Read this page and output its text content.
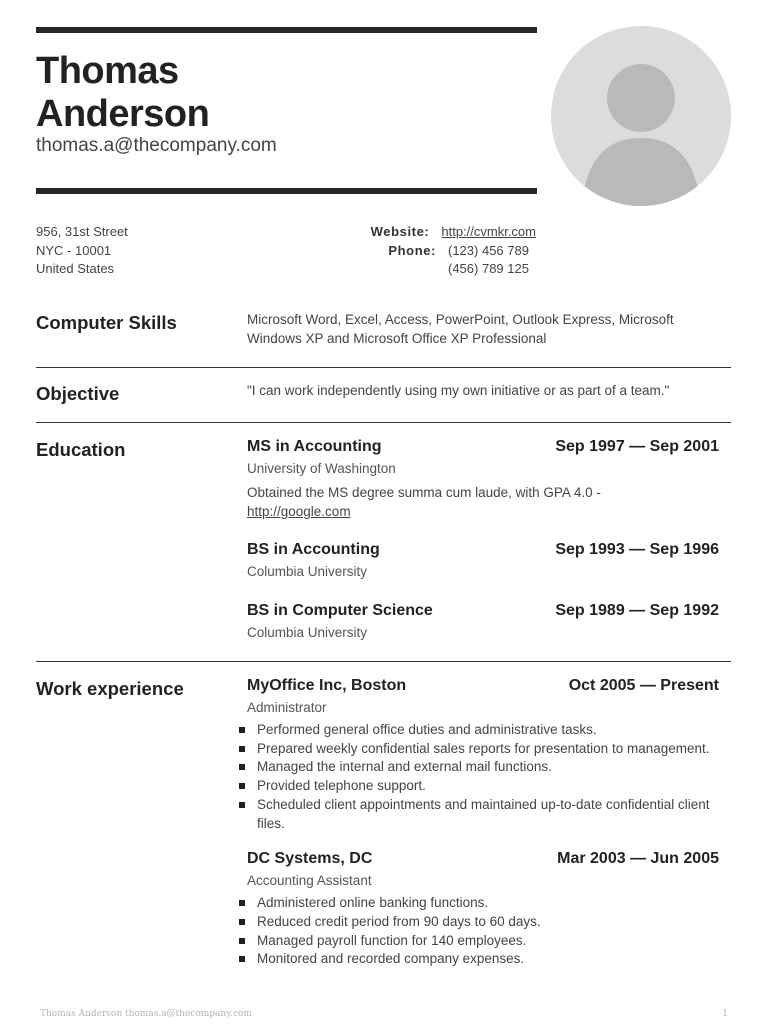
Thomas
Anderson
thomas.a@thecompany.com
956, 31st Street
NYC - 10001
United States
Website: http://cvmkr.com
Phone: (123) 456 789
(456) 789 125
Computer Skills	Microsoft Word, Excel, Access, PowerPoint, Outlook Express, Microsoft Windows XP and Microsoft Office XP Professional
Objective	"I can work independently using my own initiative or as part of a team."
Education	MS in Accounting	Sep 1997 — Sep 2001
University of Washington
Obtained the MS degree summa cum laude, with GPA 4.0 -
http://google.com
BS in Accounting	Sep 1993 — Sep 1996
Columbia University
BS in Computer Science	Sep 1989 — Sep 1992
Columbia University
Work experience	MyOffice Inc, Boston	Oct 2005 — Present
Administrator
Performed general office duties and administrative tasks.
Prepared weekly confidential sales reports for presentation to management.
Managed the internal and external mail functions.
Provided telephone support.
Scheduled client appointments and maintained up-to-date confidential client files.
DC Systems, DC	Mar 2003 — Jun 2005
Accounting Assistant
Administered online banking functions.
Reduced credit period from 90 days to 60 days.
Managed payroll function for 140 employees.
Monitored and recorded company expenses.
Thomas Anderson thomas.a@thecompany.com	1
